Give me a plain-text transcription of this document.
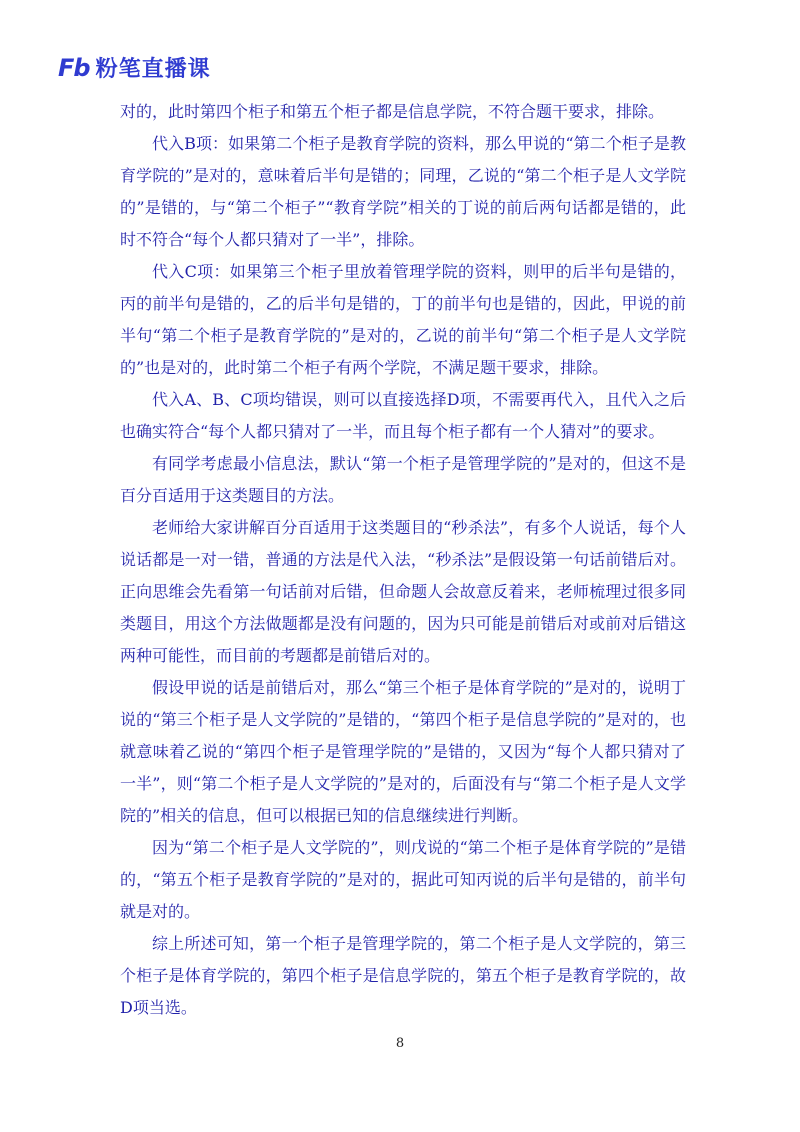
Fb 粉笔直播课

对的，此时第四个柜子和第五个柜子都是信息学院，不符合题干要求，排除。

代入B项：如果第二个柜子是教育学院的资料，那么甲说的“第二个柜子是教育学院的”是对的，意味着后半句是错的；同理，乙说的“第二个柜子是人文学院的”是错的，与“第二个柜子”“教育学院”相关的丁说的前后两句话都是错的，此时不符合“每个人都只猜对了一半”，排除。

代入C项：如果第三个柜子里放着管理学院的资料，则甲的后半句是错的，丙的前半句是错的，乙的后半句是错的，丁的前半句也是错的，因此，甲说的前半句“第二个柜子是教育学院的”是对的，乙说的前半句“第二个柜子是人文学院的”也是对的，此时第二个柜子有两个学院，不满足题干要求，排除。

代入A、B、C项均错误，则可以直接选择D项，不需要再代入，且代入之后也确实符合“每个人都只猜对了一半，而且每个柜子都有一个人猜对”的要求。

有同学考虑最小信息法，默认“第一个柜子是管理学院的”是对的，但这不是百分百适用于这类题目的方法。

老师给大家讲解百分百适用于这类题目的“秒杀法”，有多个人说话，每个人说话都是一对一错，普通的方法是代入法，“秒杀法”是假设第一句话前错后对。正向思维会先看第一句话前对后错，但命题人会故意反着来，老师梳理过很多同类题目，用这个方法做题都是没有问题的，因为只可能是前错后对或前对后错这两种可能性，而目前的考题都是前错后对的。

假设甲说的话是前错后对，那么“第三个柜子是体育学院的”是对的，说明丁说的“第三个柜子是人文学院的”是错的，“第四个柜子是信息学院的”是对的，也就意味着乙说的“第四个柜子是管理学院的”是错的，又因为“每个人都只猜对了一半”，则“第二个柜子是人文学院的”是对的，后面没有与“第二个柜子是人文学院的”相关的信息，但可以根据已知的信息继续进行判断。

因为“第二个柜子是人文学院的”，则戊说的“第二个柜子是体育学院的”是错的，“第五个柜子是教育学院的”是对的，据此可知丙说的后半句是错的，前半句就是对的。

综上所述可知，第一个柜子是管理学院的，第二个柜子是人文学院的，第三个柜子是体育学院的，第四个柜子是信息学院的，第五个柜子是教育学院的，故D项当选。

8
